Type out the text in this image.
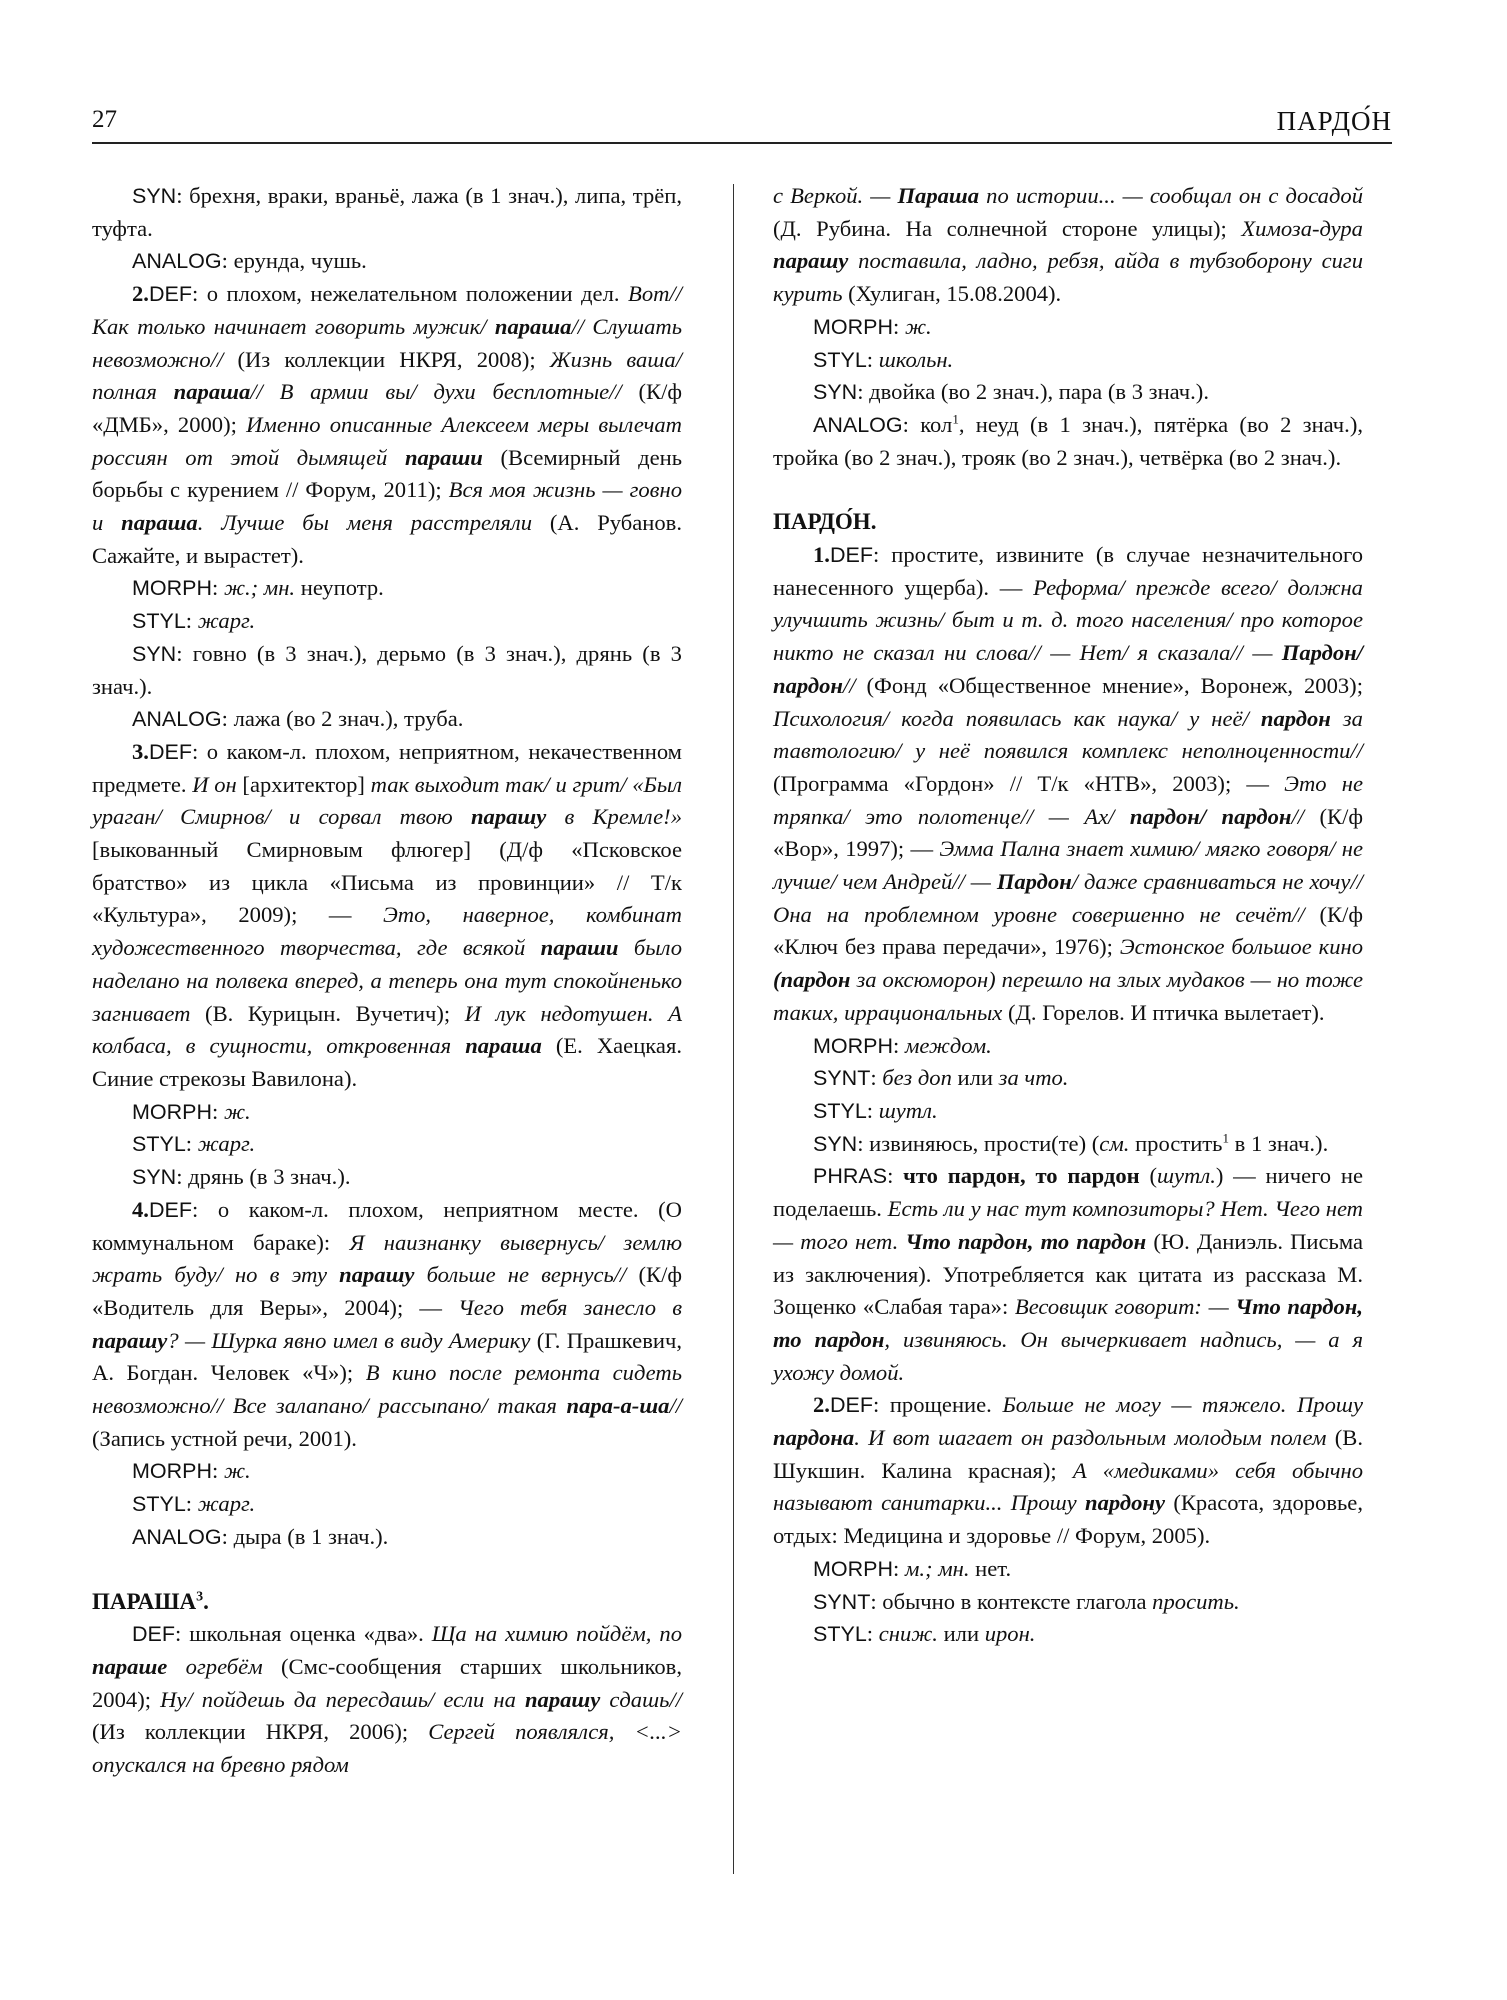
27	ПАРДО́Н

SYN: брехня, враки, враньё, лажа (в 1 знач.), липа, трёп, туфта.

ANALOG: ерунда, чушь.

2.DEF: о плохом, нежелательном положении дел. Вот// Как только начинает говорить мужик/ параша// Слушать невозможно// (Из коллекции НКРЯ, 2008); Жизнь ваша/ полная параша// В армии вы/ духи бесплотные// (К/ф «ДМБ», 2000); Именно описанные Алексеем меры вылечат россиян от этой дымящей параши (Всемирный день борьбы с курением // Форум, 2011); Вся моя жизнь — говно и параша. Лучше бы меня расстреляли (А. Рубанов. Сажайте, и вырастет).

MORPH: ж.; мн. неупотр.

STYL: жарг.

SYN: говно (в 3 знач.), дерьмо (в 3 знач.), дрянь (в 3 знач.).

ANALOG: лажа (во 2 знач.), труба.

3.DEF: о каком-л. плохом, неприятном, некачественном предмете. И он [архитектор] так выходит так/ и грит/ «Был ураган/ Смирнов/ и сорвал твою парашу в Кремле!» [выкованный Смирновым флюгер] (Д/ф «Псковское братство» из цикла «Письма из провинции» // Т/к «Культура», 2009); — Это, наверное, комбинат художественного творчества, где всякой параши было наделано на полвека вперед, а теперь она тут спокойненько загнивает (В. Курицын. Вучетич); И лук недотушен. А колбаса, в сущности, откровенная параша (Е. Хаецкая. Синие стрекозы Вавилона).

MORPH: ж.

STYL: жарг.

SYN: дрянь (в 3 знач.).

4.DEF: о каком-л. плохом, неприятном месте. (О коммунальном бараке): Я наизнанку вывернусь/ землю жрать буду/ но в эту парашу больше не вернусь// (К/ф «Водитель для Веры», 2004); — Чего тебя занесло в парашу? — Шурка явно имел в виду Америку (Г. Прашкевич, А. Богдан. Человек «Ч»); В кино после ремонта сидеть невозможно// Все залапано/ рассыпано/ такая пара-а-ша// (Запись устной речи, 2001).

MORPH: ж.

STYL: жарг.

ANALOG: дыра (в 1 знач.).

ПАРАША$^3$.

DEF: школьная оценка «два». Ща на химию пойдём, по параше огребём (Смс-сообщения старших школьников, 2004); Ну/ пойдешь да пересдашь/ если на парашу сдашь// (Из коллекции НКРЯ, 2006); Сергей появлялся, <...> опускался на бревно рядом

с Веркой. — Параша по истории... — сообщал он с досадой (Д. Рубина. На солнечной стороне улицы); Химоза-дура парашу поставила, ладно, ребзя, айда в тубзоборону сиги курить (Хулиган, 15.08.2004).

MORPH: ж.

STYL: школьн.

SYN: двойка (во 2 знач.), пара (в 3 знач.).

ANALOG: кол$^1$, неуд (в 1 знач.), пятёрка (во 2 знач.), тройка (во 2 знач.), трояк (во 2 знач.), четвёрка (во 2 знач.).

ПАРДО́Н.

1.DEF: простите, извините (в случае незначительного нанесенного ущерба). — Реформа/ прежде всего/ должна улучшить жизнь/ быт и т. д. того населения/ про которое никто не сказал ни слова// — Нет/ я сказала// — Пардон/ пардон// (Фонд «Общественное мнение», Воронеж, 2003); Психология/ когда появилась как наука/ у неё/ пардон за тавтологию/ у неё появился комплекс неполноценности// (Программа «Гордон» // Т/к «НТВ», 2003); — Это не тряпка/ это полотенце// — Ах/ пардон/ пардон// (К/ф «Вор», 1997); — Эмма Пална знает химию/ мягко говоря/ не лучше/ чем Андрей// — Пардон/ даже сравниваться не хочу// Она на проблемном уровне совершенно не сечёт// (К/ф «Ключ без права передачи», 1976); Эстонское большое кино (пардон за оксюморон) перешло на злых мудаков — но тоже таких, иррациональных (Д. Горелов. И птичка вылетает).

MORPH: междом.

SYNT: без доп или за что.

STYL: шутл.

SYN: извиняюсь, прости(те) (см. простить$^1$ в 1 знач.).

PHRAS: что пардон, то пардон (шутл.) — ничего не поделаешь. Есть ли у нас тут композиторы? Нет. Чего нет — того нет. Что пардон, то пардон (Ю. Даниэль. Письма из заключения). Употребляется как цитата из рассказа М. Зощенко «Слабая тара»: Весовщик говорит: — Что пардон, то пардон, извиняюсь. Он вычеркивает надпись, — а я ухожу домой.

2.DEF: прощение. Больше не могу — тяжело. Прошу пардона. И вот шагает он раздольным молодым полем (В. Шукшин. Калина красная); А «медиками» себя обычно называют санитарки... Прошу пардону (Красота, здоровье, отдых: Медицина и здоровье // Форум, 2005).

MORPH: м.; мн. нет.

SYNT: обычно в контексте глагола просить.

STYL: сниж. или ирон.
